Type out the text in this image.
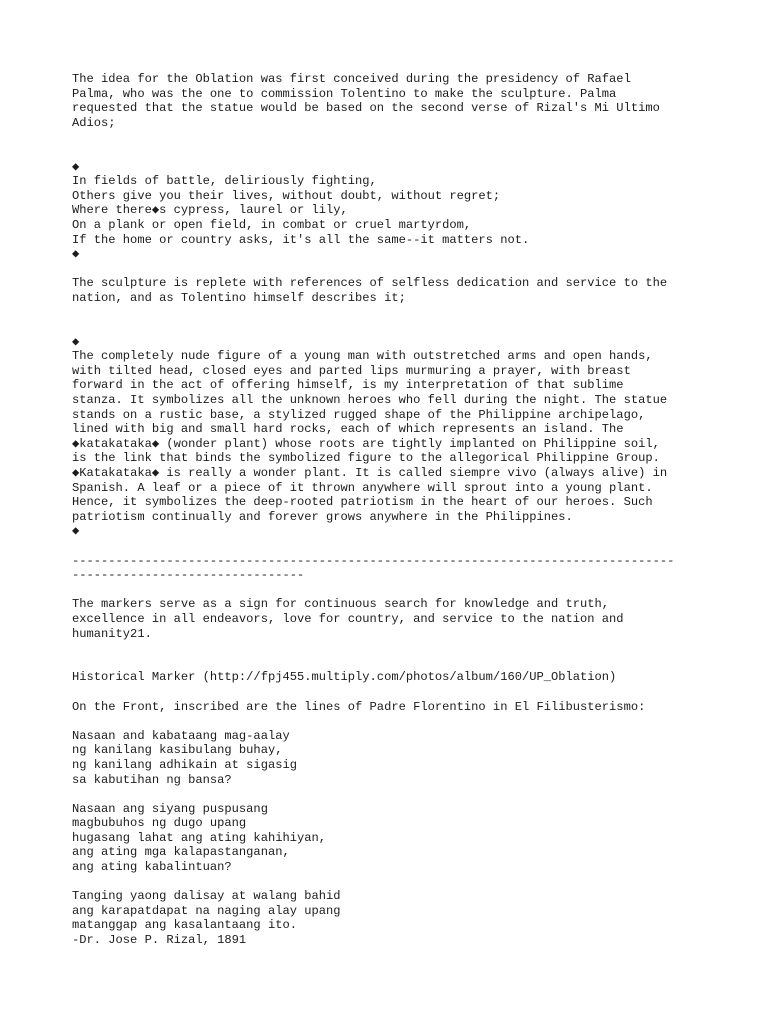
The idea for the Oblation was first conceived during the presidency of Rafael
Palma, who was the one to commission Tolentino to make the sculpture. Palma
requested that the statue would be based on the second verse of Rizal's Mi Ultimo
Adios;
◆
In fields of battle, deliriously fighting,
Others give you their lives, without doubt, without regret;
Where there◆s cypress, laurel or lily,
On a plank or open field, in combat or cruel martyrdom,
If the home or country asks, it's all the same--it matters not.
◆
The sculpture is replete with references of selfless dedication and service to the
nation, and as Tolentino himself describes it;
◆
The completely nude figure of a young man with outstretched arms and open hands,
with tilted head, closed eyes and parted lips murmuring a prayer, with breast
forward in the act of offering himself, is my interpretation of that sublime
stanza. It symbolizes all the unknown heroes who fell during the night. The statue
stands on a rustic base, a stylized rugged shape of the Philippine archipelago,
lined with big and small hard rocks, each of which represents an island. The
◆katakataka◆ (wonder plant) whose roots are tightly implanted on Philippine soil,
is the link that binds the symbolized figure to the allegorical Philippine Group.
◆Katakataka◆ is really a wonder plant. It is called siempre vivo (always alive) in
Spanish. A leaf or a piece of it thrown anywhere will sprout into a young plant.
Hence, it symbolizes the deep-rooted patriotism in the heart of our heroes. Such
patriotism continually and forever grows anywhere in the Philippines.
◆
-----------------------------------------------------------------------------------
--------------------------------
The markers serve as a sign for continuous search for knowledge and truth,
excellence in all endeavors, love for country, and service to the nation and
humanity21.
Historical Marker (http://fpj455.multiply.com/photos/album/160/UP_Oblation)
On the Front, inscribed are the lines of Padre Florentino in El Filibusterismo:
Nasaan and kabataang mag-aalay
ng kanilang kasibulang buhay,
ng kanilang adhikain at sigasig
sa kabutihan ng bansa?
Nasaan ang siyang puspusang
magbubuhos ng dugo upang
hugasang lahat ang ating kahihiyan,
ang ating mga kalapastanganan,
ang ating kabalintuan?
Tanging yaong dalisay at walang bahid
ang karapatdapat na naging alay upang
matanggap ang kasalantaang ito.
-Dr. Jose P. Rizal, 1891
